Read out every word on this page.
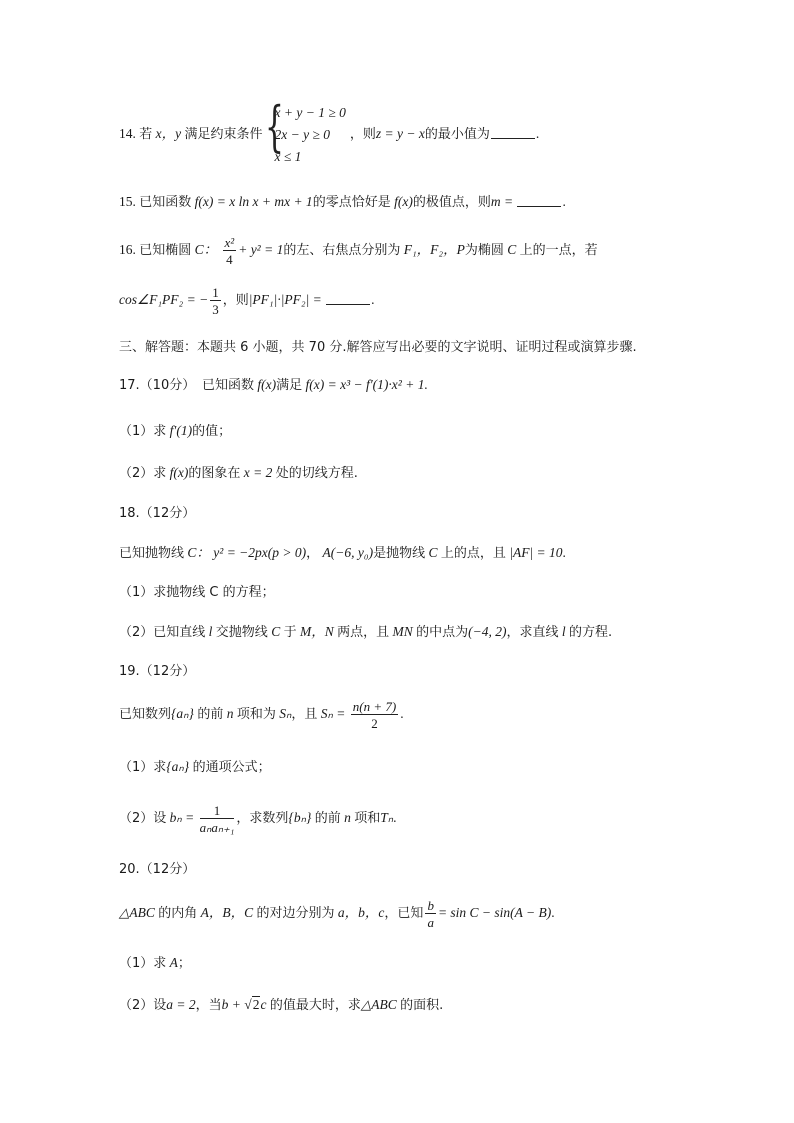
14. 若 x，y 满足约束条件 {
x + y − 1 ≥ 0
2x − y ≥ 0
x ≤ 1
，则z = y − x的最小值为	.
15. 已知函数 f(x) = x ln x + mx + 1的零点恰好是 f(x)的极值点，则m =	.
16. 已知椭圆 C： $\frac{\text{x²}}{4} + y^2 = 1$的左、右焦点分别为 F₁，F₂，P为椭圆 C 上的一点，若
cos∠F₁PF₂ = − $\frac{1}{3}$ ，则|PF₁|·|PF₂| =	.
三、解答题：本题共 6 小题，共 70 分.解答应写出必要的文字说明、证明过程或演算步骤.
17.（10分） 已知函数 f(x)满足 f(x) = x³ − f′(1)·x² + 1.
（1）求 f′(1)的值；
（2）求 f(x)的图象在 x = 2 处的切线方程.
18.（12分）
已知抛物线 C： y² = −2px(p > 0)， A(−6, y₀)是抛物线 C 上的点，且 |AF| = 10.
（1）求抛物线 C 的方程；
（2）已知直线 l 交抛物线 C 于 M，N 两点，且 MN 的中点为(−4, 2)，求直线 l 的方程.
19.（12分）
已知数列{aₙ} 的前 n 项和为 Sₙ，且 $S_n = \frac{n(n + 7)}{2}$ .
（1）求{aₙ} 的通项公式；
（2）设 $b_n = \frac{1}{\text{aₙaₙ₊₁}}$ ，求数列{bₙ} 的前 n 项和Tₙ.
20.（12分）
△ABC 的内角 A，B，C 的对边分别为 a，b，c，已知 $\frac{b}{a} = \sin C - \sin(A - B)$.
（1）求 A；
（2）设a = 2，当b + √2c 的值最大时，求△ABC 的面积.
